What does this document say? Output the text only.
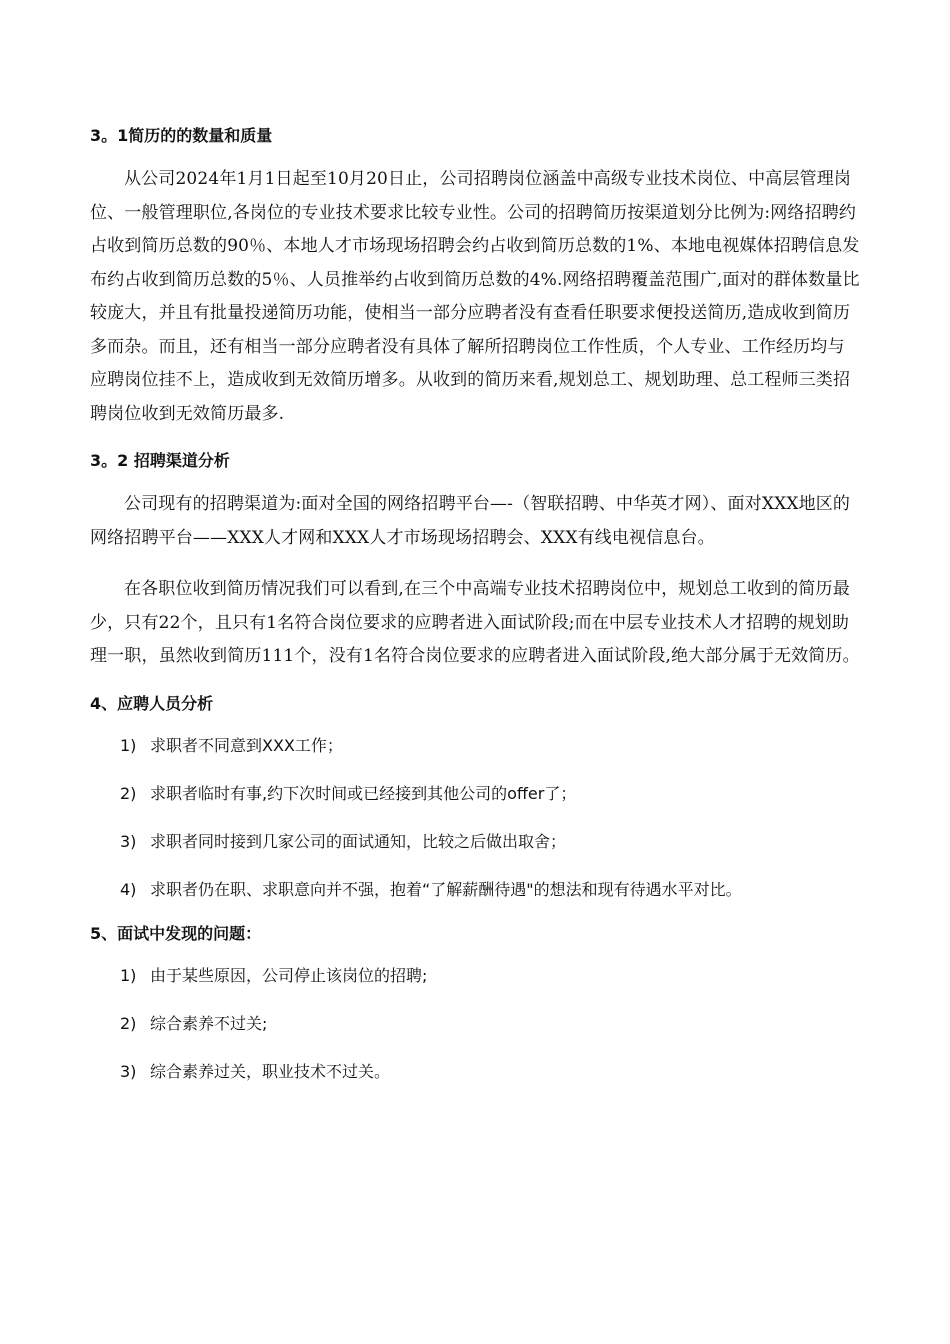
3。1简历的的数量和质量

从公司2024年1月1日起至10月20日止，公司招聘岗位涵盖中高级专业技术岗位、中高层管理岗位、一般管理职位,各岗位的专业技术要求比较专业性。公司的招聘简历按渠道划分比例为:网络招聘约占收到简历总数的90％、本地人才市场现场招聘会约占收到简历总数的1%、本地电视媒体招聘信息发布约占收到简历总数的5％、人员推举约占收到简历总数的4%.网络招聘覆盖范围广,面对的群体数量比较庞大，并且有批量投递简历功能，使相当一部分应聘者没有查看任职要求便投送简历,造成收到简历多而杂。而且，还有相当一部分应聘者没有具体了解所招聘岗位工作性质，个人专业、工作经历均与应聘岗位挂不上，造成收到无效简历增多。从收到的简历来看,规划总工、规划助理、总工程师三类招聘岗位收到无效简历最多.

3。2 招聘渠道分析

公司现有的招聘渠道为:面对全国的网络招聘平台—-（智联招聘、中华英才网）、面对XXX地区的网络招聘平台——XXX人才网和XXX人才市场现场招聘会、XXX有线电视信息台。

在各职位收到简历情况我们可以看到,在三个中高端专业技术招聘岗位中，规划总工收到的简历最少，只有22个，且只有1名符合岗位要求的应聘者进入面试阶段;而在中层专业技术人才招聘的规划助理一职，虽然收到简历111个，没有1名符合岗位要求的应聘者进入面试阶段,绝大部分属于无效简历。

4、应聘人员分析
1) 求职者不同意到XXX工作；
2) 求职者临时有事,约下次时间或已经接到其他公司的offer了；
3) 求职者同时接到几家公司的面试通知，比较之后做出取舍；
4) 求职者仍在职、求职意向并不强，抱着“了解薪酬待遇"的想法和现有待遇水平对比。
5、面试中发现的问题：
1) 由于某些原因，公司停止该岗位的招聘;
2) 综合素养不过关;
3) 综合素养过关，职业技术不过关。
